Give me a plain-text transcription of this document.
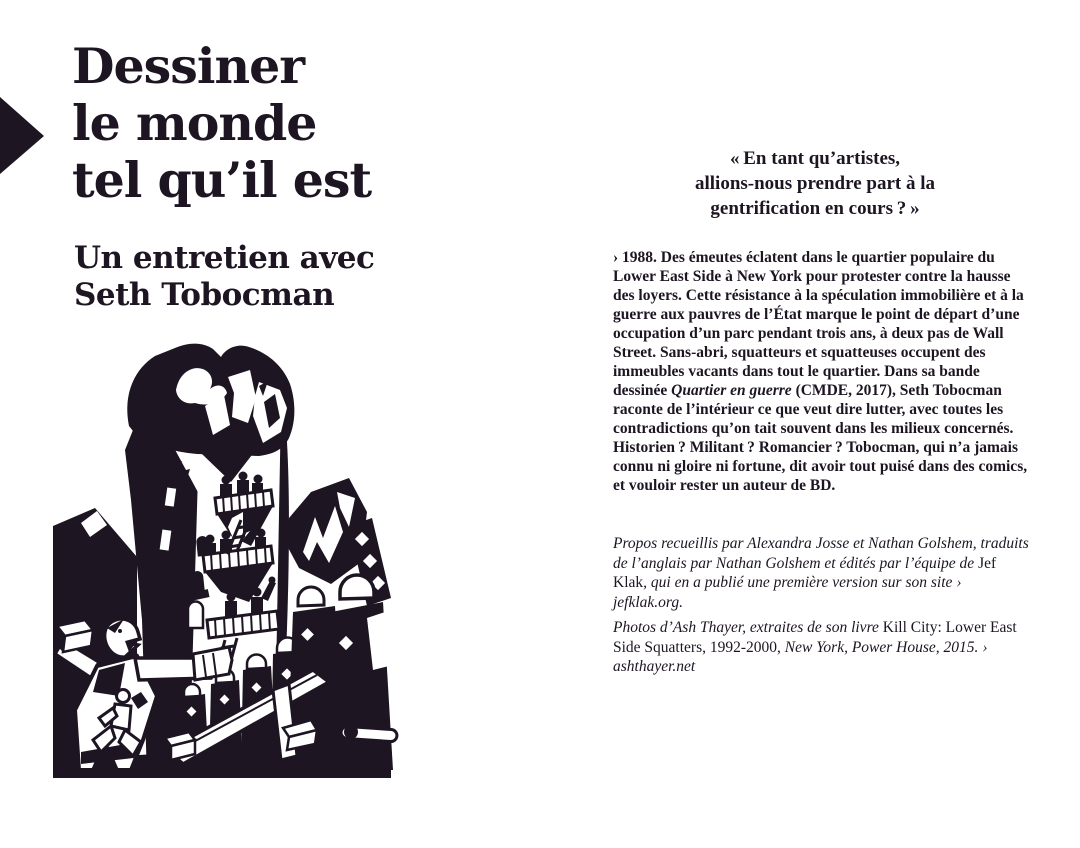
Dessiner
le monde
tel qu’il est
Un entretien avec
Seth Tobocman
« En tant qu’artistes,
allions-nous prendre part à la
gentrification en cours ? »

› 1988. Des émeutes éclatent dans le quartier populaire du Lower East Side à New York pour protester contre la hausse des loyers. Cette résistance à la spéculation immobilière et à la guerre aux pauvres de l’État marque le point de départ d’une occupation d’un parc pendant trois ans, à deux pas de Wall Street. Sans-abri, squatteurs et squatteuses occupent des immeubles vacants dans tout le quartier. Dans sa bande dessinée Quartier en guerre (CMDE, 2017), Seth Tobocman raconte de l’intérieur ce que veut dire lutter, avec toutes les contradictions qu’on tait souvent dans les milieux concernés. Historien ? Militant ? Romancier ? Tobocman, qui n’a jamais connu ni gloire ni fortune, dit avoir tout puisé dans des comics, et vouloir rester un auteur de BD.

Propos recueillis par Alexandra Josse et Nathan Golshem, traduits de l’anglais par Nathan Golshem et édités par l’équipe de Jef Klak, qui en a publié une première version sur son site › jefklak.org.

Photos d’Ash Thayer, extraites de son livre Kill City: Lower East Side Squatters, 1992-2000, New York, Power House, 2015. › ashthayer.net
